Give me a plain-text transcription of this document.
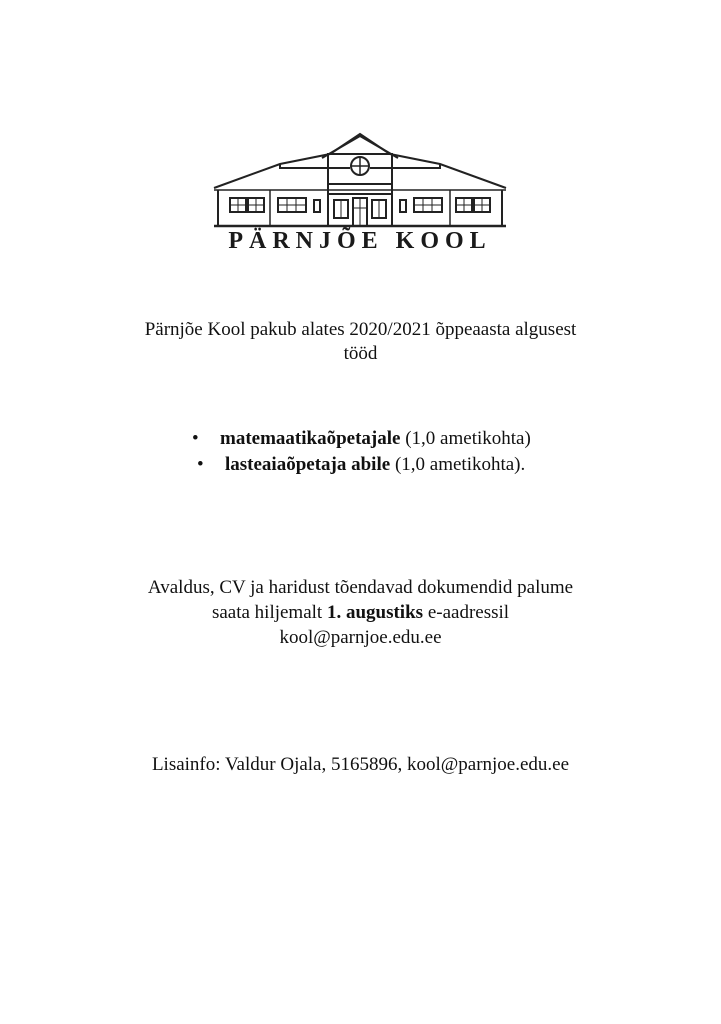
PÄRNJÕE KOOL
Pärnjõe Kool pakub alates 2020/2021 õppeaasta algusest
tööd
• matemaatikaõpetajale (1,0 ametikohta)
• lasteaiaõpetaja abile (1,0 ametikohta).
Avaldus, CV ja haridust tõendavad dokumendid palume
saata hiljemalt 1. augustiks e-aadressil
kool@parnjoe.edu.ee
Lisainfo: Valdur Ojala, 5165896, kool@parnjoe.edu.ee
